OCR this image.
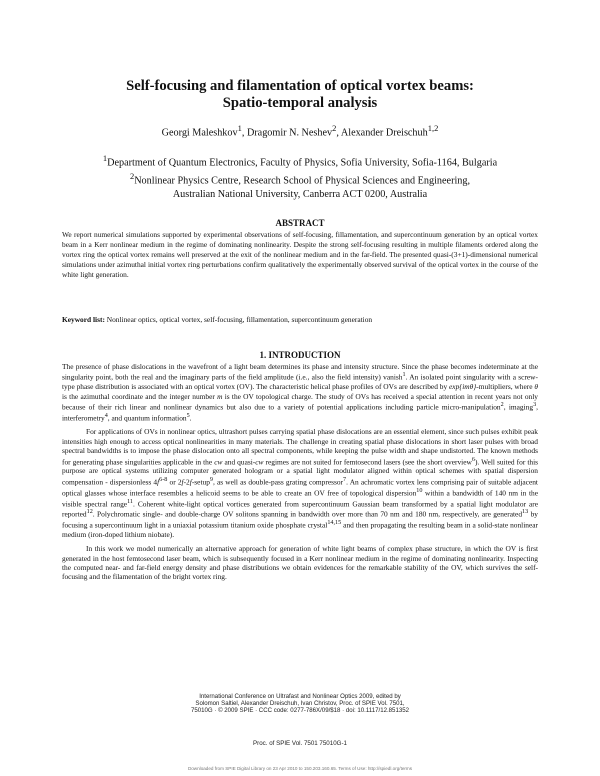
Self-focusing and filamentation of optical vortex beams:
Spatio-temporal analysis
Georgi Maleshkov$^1$, Dragomir N. Neshev$^2$, Alexander Dreischuh$^{1,2}$
$^1$Department of Quantum Electronics, Faculty of Physics, Sofia University, Sofia-1164, Bulgaria
$^2$Nonlinear Physics Centre, Research School of Physical Sciences and Engineering,
Australian National University, Canberra ACT 0200, Australia
ABSTRACT
We report numerical simulations supported by experimental observations of self-focusing, fillamentation, and supercontinuum generation by an optical vortex beam in a Kerr nonlinear medium in the regime of dominating nonlinearity. Despite the strong self-focusing resulting in multiple filaments ordered along the vortex ring the optical vortex remains well preserved at the exit of the nonlinear medium and in the far-field. The presented quasi-(3+1)-dimensional numerical simulations under azimuthal initial vortex ring perturbations confirm qualitatively the experimentally observed survival of the optical vortex in the course of the white light generation.
Keyword list: Nonlinear optics, optical vortex, self-focusing, fillamentation, supercontinuum generation
1. INTRODUCTION

The presence of phase dislocations in the wavefront of a light beam determines its phase and intensity structure. Since the phase becomes indeterminate at the singularity point, both the real and the imaginary parts of the field amplitude (i.e., also the field intensity) vanish$^1$. An isolated point singularity with a screw-type phase distribution is associated with an optical vortex (OV). The characteristic helical phase profiles of OVs are described by exp{imθ}-multipliers, where θ is the azimuthal coordinate and the integer number m is the OV topological charge. The study of OVs has received a special attention in recent years not only because of their rich linear and nonlinear dynamics but also due to a variety of potential applications including particle micro-manipulation$^2$, imaging$^3$, interferometry$^4$, and quantum information$^5$.

For applications of OVs in nonlinear optics, ultrashort pulses carrying spatial phase dislocations are an essential element, since such pulses exhibit peak intensities high enough to access optical nonlinearities in many materials. The challenge in creating spatial phase dislocations in short laser pulses with broad spectral bandwidths is to impose the phase dislocation onto all spectral components, while keeping the pulse width and shape undistorted. The known methods for generating phase singularities applicable in the cw and quasi-cw regimes are not suited for femtosecond lasers (see the short overview$^6$). Well suited for this purpose are optical systems utilizing computer generated hologram or a spatial light modulator aligned within optical schemes with spatial dispersion compensation - dispersionless $4f^{6-8}$ or 2f-2f-setup$^9$, as well as double-pass grating compressor$^7$. An achromatic vortex lens comprising pair of suitable adjacent optical glasses whose interface resembles a helicoid seems to be able to create an OV free of topological dispersion$^{10}$ within a bandwidth of 140 nm in the visible spectral range$^{11}$. Coherent white-light optical vortices generated from supercontinuum Gaussian beam transformed by a spatial light modulator are reported$^{12}$. Polychromatic single- and double-charge OV solitons spanning in bandwidth over more than 70 nm and 180 nm, respectively, are generated$^{13}$ by focusing a supercontinuum light in a uniaxial potassium titanium oxide phosphate crystal$^{14,15}$ and then propagating the resulting beam in a solid-state nonlinear medium (iron-doped lithium niobate).

In this work we model numerically an alternative approach for generation of white light beams of complex phase structure, in which the OV is first generated in the host femtosecond laser beam, which is subsequently focused in a Kerr nonlinear medium in the regime of dominating nonlinearity. Inspecting the computed near- and far-field energy density and phase distributions we obtain evidences for the remarkable stability of the OV, which survives the self-focusing and the filamentation of the bright vortex ring.

International Conference on Ultrafast and Nonlinear Optics 2009, edited by
Solomon Saltiel, Alexander Dreischuh, Ivan Christov, Proc. of SPIE Vol. 7501,
75010G · © 2009 SPIE · CCC code: 0277-786X/09/$18 · doi: 10.1117/12.851352
Proc. of SPIE Vol. 7501 75010G-1
Downloaded from SPIE Digital Library on 23 Apr 2010 to 150.203.160.65. Terms of Use: http://spiedl.org/terms
